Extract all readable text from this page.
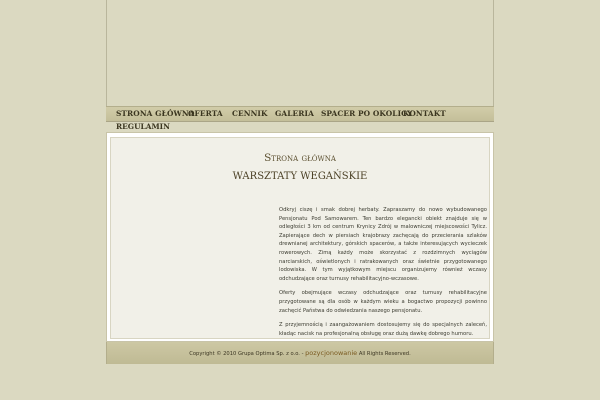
STRONA GŁÓWNA
OFERTA CENNIK GALERIA SPACER PO OKOLICY
KONTAKT
REGULAMIN
Strona główna
WARSZTATY WEGAŃSKIE

Odkryj ciszę i smak dobrej herbaty. Zapraszamy do nowo wybudowanego Pensjonatu Pod Samowarem. Ten bardzo elegancki obiekt znajduje się w odległości 3 km od centrum Krynicy Zdrój w malowniczej miejscowości Tylicz. Zapierające dech w piersiach krajobrazy zachęcają do przecierania szlaków drewnianej architektury, górskich spacerów, a także interesujących wycieczek rowerowych. Zimą każdy może skorzystać z rozdzimnych wyciągów narciarskich, oświetlonych i ratrakowanych oraz świetnie przygotowanego lodowiska. W tym wyjątkowym miejscu organizujemy również wczasy odchudzające oraz turnusy rehabilitacyjno-wczasowe.

Oferty obejmujące wczasy odchudzające oraz turnusy rehabilitacyjne przygotowane są dla osób w każdym wieku a bogactwo propozycji powinno zachęcić Państwa do odwiedzania naszego pensjonatu.

Z przyjemnością i zaangażowaniem dostosujemy się do specjalnych zaleceń, kładąc nacisk na profesjonalną obsługę oraz dużą dawkę dobrego humoru.

Copyright © 2010 Grupa Optima Sp. z o.o. - pozycjonowanie All Rights Reserved.
